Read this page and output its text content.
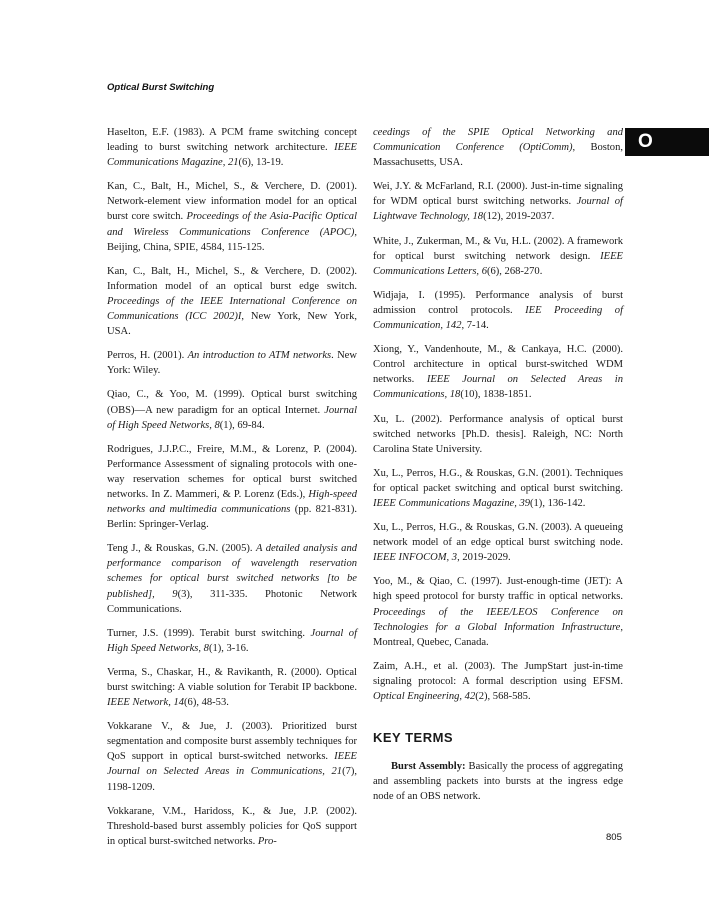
Optical Burst Switching
O

Haselton, E.F. (1983). A PCM frame switching concept leading to burst switching network architecture. IEEE Communications Magazine, 21(6), 13-19.

Kan, C., Balt, H., Michel, S., & Verchere, D. (2001). Network-element view information model for an optical burst core switch. Proceedings of the Asia-Pacific Optical and Wireless Communications Conference (APOC), Beijing, China, SPIE, 4584, 115-125.

Kan, C., Balt, H., Michel, S., & Verchere, D. (2002). Information model of an optical burst edge switch. Proceedings of the IEEE International Conference on Communications (ICC 2002)I, New York, New York, USA.

Perros, H. (2001). An introduction to ATM networks. New York: Wiley.

Qiao, C., & Yoo, M. (1999). Optical burst switching (OBS)—A new paradigm for an optical Internet. Journal of High Speed Networks, 8(1), 69-84.

Rodrigues, J.J.P.C., Freire, M.M., & Lorenz, P. (2004). Performance Assessment of signaling protocols with one-way reservation schemes for optical burst switched networks. In Z. Mammeri, & P. Lorenz (Eds.), High-speed networks and multimedia communications (pp. 821-831). Berlin: Springer-Verlag.

Teng J., & Rouskas, G.N. (2005). A detailed analysis and performance comparison of wavelength reservation schemes for optical burst switched networks [to be published], 9(3), 311-335. Photonic Network Communications.

Turner, J.S. (1999). Terabit burst switching. Journal of High Speed Networks, 8(1), 3-16.

Verma, S., Chaskar, H., & Ravikanth, R. (2000). Optical burst switching: A viable solution for Terabit IP backbone. IEEE Network, 14(6), 48-53.

Vokkarane V., & Jue, J. (2003). Prioritized burst segmentation and composite burst assembly techniques for QoS support in optical burst-switched networks. IEEE Journal on Selected Areas in Communications, 21(7), 1198-1209.

Vokkarane, V.M., Haridoss, K., & Jue, J.P. (2002). Threshold-based burst assembly policies for QoS support in optical burst-switched networks. Pro-

ceedings of the SPIE Optical Networking and Communication Conference (OptiComm), Boston, Massachusetts, USA.

Wei, J.Y. & McFarland, R.I. (2000). Just-in-time signaling for WDM optical burst switching networks. Journal of Lightwave Technology, 18(12), 2019-2037.

White, J., Zukerman, M., & Vu, H.L. (2002). A framework for optical burst switching network design. IEEE Communications Letters, 6(6), 268-270.

Widjaja, I. (1995). Performance analysis of burst admission control protocols. IEE Proceeding of Communication, 142, 7-14.

Xiong, Y., Vandenhoute, M., & Cankaya, H.C. (2000). Control architecture in optical burst-switched WDM networks. IEEE Journal on Selected Areas in Communications, 18(10), 1838-1851.

Xu, L. (2002). Performance analysis of optical burst switched networks [Ph.D. thesis]. Raleigh, NC: North Carolina State University.

Xu, L., Perros, H.G., & Rouskas, G.N. (2001). Techniques for optical packet switching and optical burst switching. IEEE Communications Magazine, 39(1), 136-142.

Xu, L., Perros, H.G., & Rouskas, G.N. (2003). A queueing network model of an edge optical burst switching node. IEEE INFOCOM, 3, 2019-2029.

Yoo, M., & Qiao, C. (1997). Just-enough-time (JET): A high speed protocol for bursty traffic in optical networks. Proceedings of the IEEE/LEOS Conference on Technologies for a Global Information Infrastructure, Montreal, Quebec, Canada.

Zaim, A.H., et al. (2003). The JumpStart just-in-time signaling protocol: A formal description using EFSM. Optical Engineering, 42(2), 568-585.

KEY TERMS

Burst Assembly: Basically the process of aggregating and assembling packets into bursts at the ingress edge node of an OBS network.

805
